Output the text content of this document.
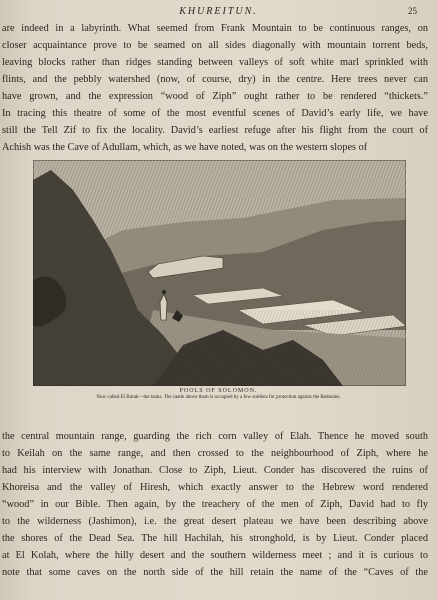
KHUREITUN.	25
are indeed in a labyrinth. What seemed from Frank Mountain to be continuous ranges, on
closer acquaintance prove to be seamed on all sides diagonally with mountain torrent beds,
leaving blocks rather than ridges standing between valleys of soft white marl sprinkled with
flints, and the pebbly watershed (now, of course, dry) in the centre. Here trees never can
have grown, and the expression “wood of Ziph” ought rather to be rendered “thickets.”
In tracing this theatre of some of the most eventful scenes of David’s early life, we have
still the Tell Zif to fix the locality. David’s earliest refuge after his flight from the court of
Achish was the Cave of Adullam, which, as we have noted, was on the western slopes of
POOLS OF SOLOMON.
Now called El Burak—the tanks. The castle above them is occupied by a few soldiers for protection against the Bedouins.
the central mountain range, guarding the rich corn valley of Elah. Thence he moved south
to Keilah on the same range, and then crossed to the neighbourhood of Ziph, where he
had his interview with Jonathan. Close to Ziph, Lieut. Conder has discovered the ruins of
Khoreisa and the valley of Hiresh, which exactly answer to the Hebrew word rendered
“wood” in our Bible. Then again, by the treachery of the men of Ziph, David had to fly
to the wilderness (Jashimon), i.e. the great desert plateau we have been describing above
the shores of the Dead Sea. The hill Hachilah, his stronghold, is by Lieut. Conder placed
at El Kolah, where the hilly desert and the southern wilderness meet ; and it is curious to
note that some caves on the north side of the hill retain the name of the “Caves of the
